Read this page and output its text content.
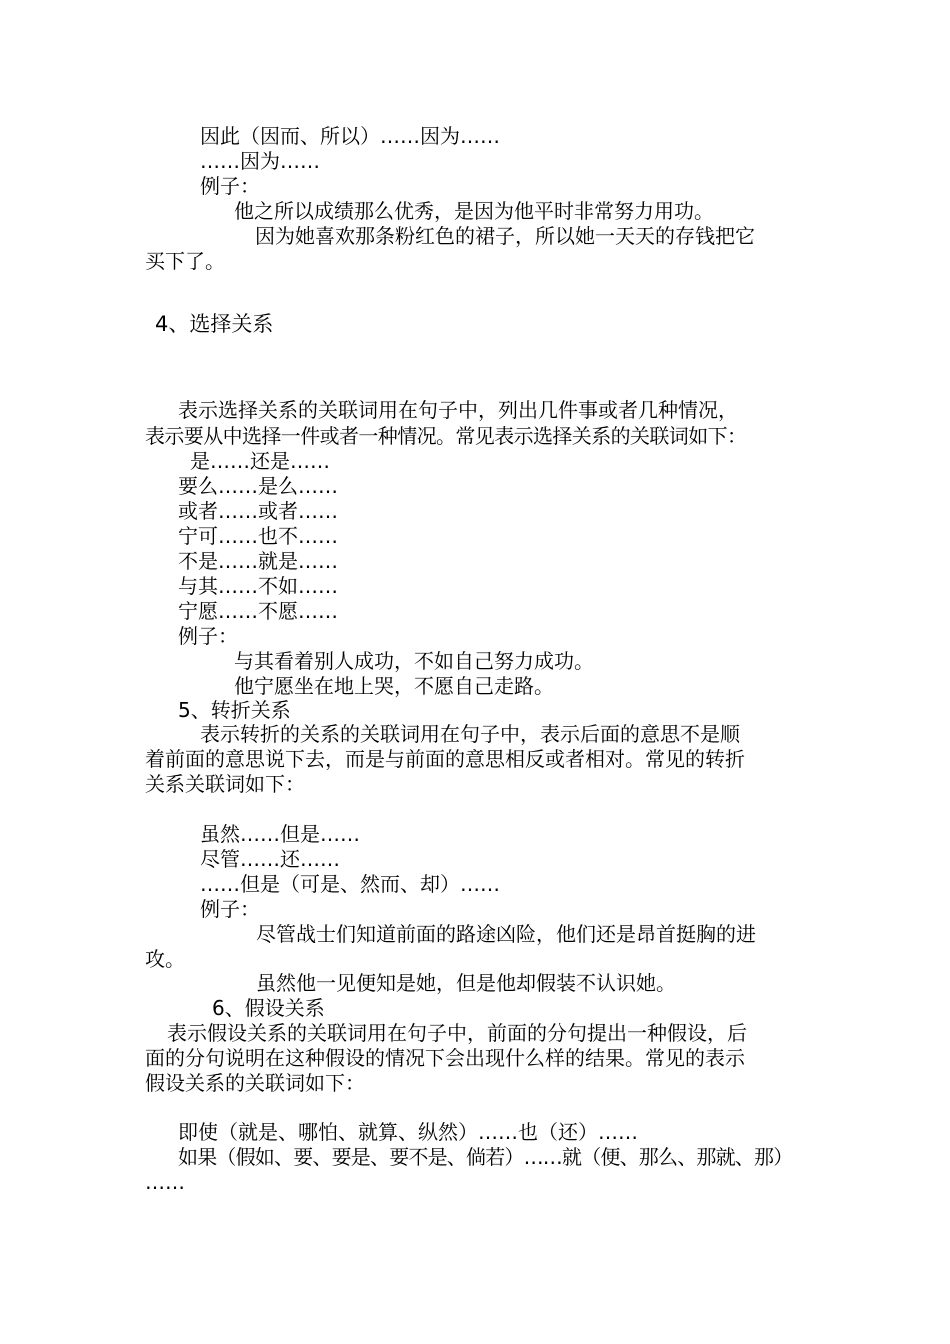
因此（因而、所以）……因为……
……因为……
例子：
他之所以成绩那么优秀，是因为他平时非常努力用功。
因为她喜欢那条粉红色的裙子，所以她一天天的存钱把它
买下了。
4、选择关系
表示选择关系的关联词用在句子中，列出几件事或者几种情况，
表示要从中选择一件或者一种情况。常见表示选择关系的关联词如下：
是……还是……
要么……是么……
或者……或者……
宁可……也不……
不是……就是……
与其……不如……
宁愿……不愿……
例子：
与其看着别人成功，不如自己努力成功。
他宁愿坐在地上哭，不愿自己走路。
5、转折关系
表示转折的关系的关联词用在句子中，表示后面的意思不是顺
着前面的意思说下去，而是与前面的意思相反或者相对。常见的转折
关系关联词如下：
虽然……但是……
尽管……还……
……但是（可是、然而、却）……
例子：
尽管战士们知道前面的路途凶险，他们还是昂首挺胸的进
攻。
虽然他一见便知是她，但是他却假装不认识她。
6、假设关系
表示假设关系的关联词用在句子中，前面的分句提出一种假设，后
面的分句说明在这种假设的情况下会出现什么样的结果。常见的表示
假设关系的关联词如下：
即使（就是、哪怕、就算、纵然）……也（还）……
如果（假如、要、要是、要不是、倘若）……就（便、那么、那就、那）
……
